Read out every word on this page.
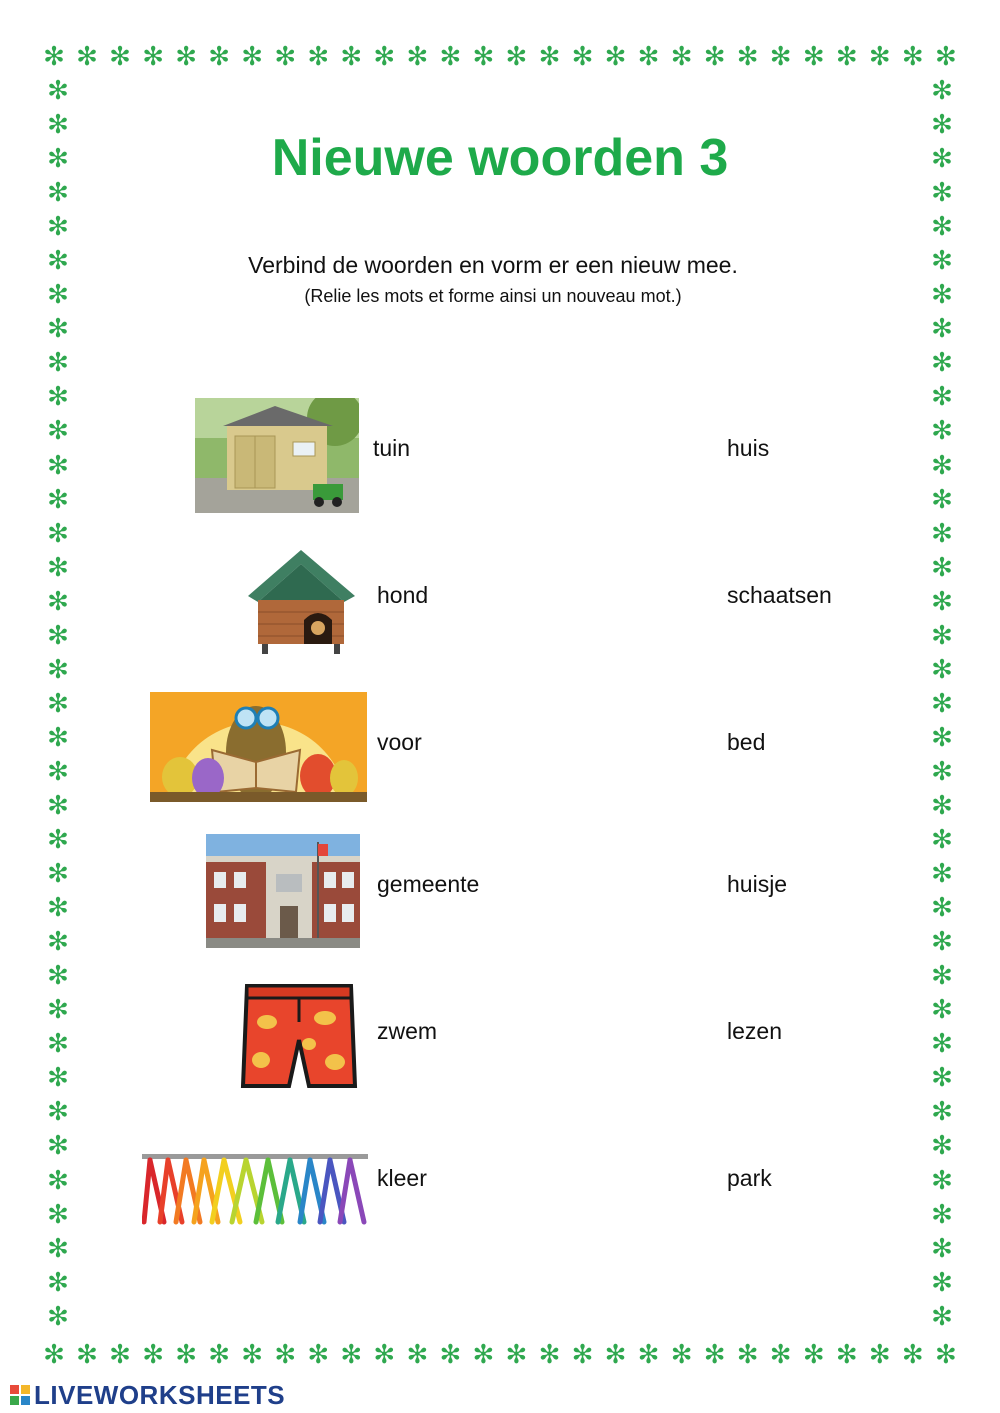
✻ ✻ ✻ ✻ ✻ ✻ ✻ ✻ ✻ ✻ ✻ ✻ ✻ ✻ ✻ ✻ ✻ ✻ ✻ ✻ ✻ ✻ ✻ ✻ ✻ ✻ ✻ ✻
✻ ✻ ✻ ✻ ✻ ✻ ✻ ✻ ✻ ✻ ✻ ✻ ✻ ✻ ✻ ✻ ✻ ✻ ✻ ✻ ✻ ✻ ✻ ✻ ✻ ✻ ✻ ✻
✻
✻
✻
✻
✻
✻
✻
✻
✻
✻
✻
✻
✻
✻
✻
✻
✻
✻
✻
✻
✻
✻
✻
✻
✻
✻
✻
✻
✻
✻
✻
✻
✻
✻
✻
✻
✻
✻
✻
✻
✻
✻
✻
✻
✻
✻
✻
✻
✻
✻
✻
✻
✻
✻
✻
✻
✻
✻
✻
✻
✻
✻
✻
✻
✻
✻
✻
✻
✻
✻
✻
✻
✻
✻
Nieuwe woorden 3
Verbind de woorden en vorm er een nieuw mee.
(Relie les mots et forme ainsi un nouveau mot.)
tuin	huis
hond	schaatsen
voor	bed
gemeente	huisje
zwem	lezen
kleer	park
LIVEWORKSHEETS
